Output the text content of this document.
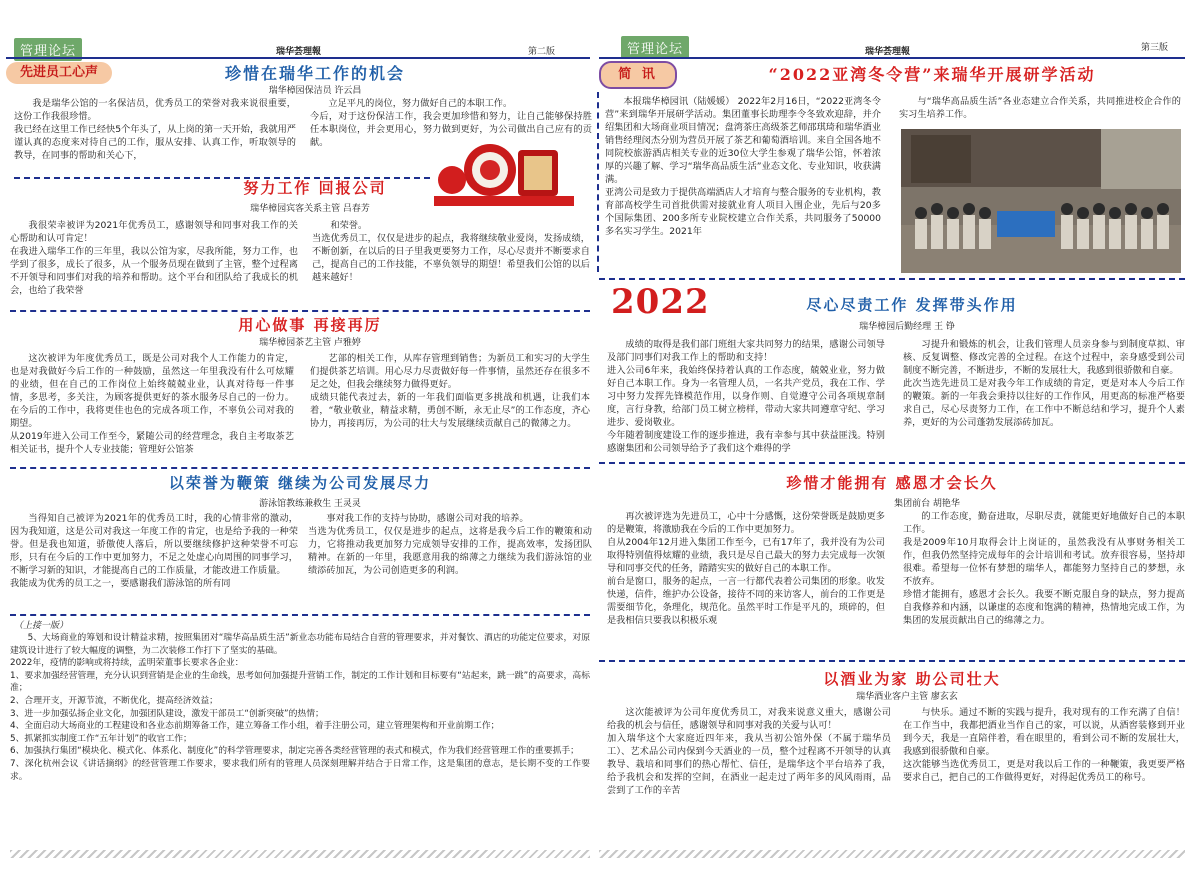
管理论坛	瑞华荟理報	第二版
先进员工心声	珍惜在瑞华工作的机会
瑞华樟园保洁员 许云昌
我是瑞华公馆的一名保洁员，优秀员工的荣誉对我来说很重要，这份工作我很珍惜。
我已经在这里工作已经快5个年头了，从上岗的第一天开始，我就用严谨认真的态度来对待自己的工作，服从安排、认真工作，听取领导的教导，在同事的帮助和关心下，
立足平凡的岗位，努力做好自己的本职工作。
今后，对于这份保洁工作，我会更加珍惜和努力，让自己能够保持胜任本职岗位，并会更用心，努力做到更好，为公司做出自己应有的贡献。
努力工作 回报公司
瑞华樟园宾客关系主管 吕春芳
我很荣幸被评为2021年优秀员工，感谢领导和同事对我工作的关心帮助和认可肯定！
在我进入瑞华工作的三年里，我以公馆为家，尽我所能，努力工作，也学到了很多，成长了很多，从一个服务员现在做到了主管，整个过程离不开领导和同事们对我的培养和帮助。这个平台和团队给了我成长的机会，也给了我荣誉
和荣誉。
当选优秀员工，仅仅是进步的起点，我将继续敬业爱岗，发扬成绩，不断创新，在以后的日子里我更要努力工作，尽心尽责并不断要求自己，提高自己的工作技能，不辜负领导的期望！希望我们公馆的以后越来越好！
用心做事 再接再厉
瑞华樟园茶艺主管 卢雅婷
这次被评为年度优秀员工，既是公司对我个人工作能力的肯定，也是对我做好今后工作的一种鼓励，虽然这一年里我没有什么可炫耀的业绩，但在自己的工作岗位上始终兢兢业业，认真对待每一件事情，多思考，多关注，为顾客提供更好的茶水服务尽自己的一份力。在今后的工作中，我将更佳也色的完成各项工作，不辜负公司对我的期望。
从2019年进入公司工作至今，紧随公司的经营理念，我自主考取茶艺相关证书，提升个人专业技能；管理好公馆茶
艺部的相关工作，从库存管理到销售；为新员工和实习的大学生们提供茶艺培训。用心尽力尽责做好每一件事情，虽然还存在很多不足之处，但我会继续努力做得更好。
成绩只能代表过去，新的一年我们面临更多挑战和机遇，让我们本着，“敬业敬业，精益求精，勇创不断，永无止尽”的工作态度，齐心协力，再接再厉，为公司的壮大与发展继续贡献自己的微薄之力。
以荣誉为鞭策 继续为公司发展尽力
游泳馆教练兼救生 王灵灵
当得知自己被评为2021年的优秀员工时，我的心情非常的激动，因为我知道，这是公司对我这一年度工作的肯定，也是给予我的一种荣誉。但是我也知道，骄傲使人落后，所以要继续修护这种荣誉不可忘形，只有在今后的工作中更加努力，不足之处虚心向周围的同事学习，不断学习新的知识，才能提高自己的工作质量，才能改进工作质量。
我能成为优秀的员工之一，要感谢我们游泳馆的所有同
事对我工作的支持与协助，感谢公司对我的培养。
当选为优秀员工，仅仅是进步的起点，这将是我今后工作的鞭策和动力，它将推动我更加努力完成领导安排的工作，提高效率，发扬团队精神。在新的一年里，我愿意用我的绵薄之力继续为我们游泳馆的业绩添砖加瓦，为公司创造更多的利润。
（上接一版）
5、大场商业的筹划和设计精益求精，按照集团对“瑞华高品质生活”新业态功能布局结合自营的管理要求，并对餐饮、酒店的功能定位要求，对原建筑设计进行了较大幅度的调整，为二次装修工作打下了坚实的基础。
2022年，疫情的影响或将持续，孟明荣董事长要求各企业：
1、要求加强经营管理，充分认识到营销是企业的生命线，思考如何加强提升营销工作，制定的工作计划和目标要有“站起来，跳一跳”的高要求，高标准；
2、合理开支，开源节流，不断优化，提高经济效益；
3、进一步加强弘扬企业文化，加强团队建设，激发干部员工“创新突破”的热情；
4、全面启动大场商业的工程建设和各业态前期筹备工作，建立筹备工作小组，着手注册公司，建立管理架构和开业前期工作；
5、抓紧抓实制度工作“五年计划”的收官工作；
6、加强执行集团“模块化、模式化、体系化、制度化”的科学管理要求，制定完善各类经营管理的表式和模式，作为我们经营管理工作的重要抓手；
7、深化杭州会议《讲话摘纲》的经营管理工作要求，要求我们所有的管理人员深刻理解并结合于日常工作，这是集团的意志，是长期不变的工作要求。
管理论坛	瑞华荟理報	第三版
简 讯	“2022亚湾冬令营”来瑞华开展研学活动
本报瑞华樟园讯（陆媛媛） 2022年2月16日，“2022亚湾冬令营”来到瑞华开展研学活动。集团董事长助理李令冬致欢迎辞，并介绍集团和大场商业项目情况；盘湾茶庄高级茶艺师邵琪琦和瑞华酒业销售经理闵杰分别为营员开展了茶艺和葡萄酒培训。来自全国各地不同院校旅游酒店相关专业的近30位大学生参观了瑞华公馆，怀着浓厚的兴趣了解、学习“瑞华高品质生活”业态文化、专业知识，收获满满。
亚湾公司是致力于提供高端酒店人才培育与整合服务的专业机构，教育部高校学生司首批供需对接就业育人项目入围企业，先后与20多个国际集团、200多所专业院校建立合作关系，共同服务了50000多名实习学生。2021年
与“瑞华高品质生活”各业态建立合作关系，共同推进校企合作的实习生培养工作。
2022	尽心尽责工作 发挥带头作用
瑞华樟园后勤经理 王 铮
成绩的取得是我们部门班组大家共同努力的结果，感谢公司领导及部门同事们对我工作上的帮助和支持！
进入公司6年来，我始终保持着认真的工作态度，兢兢业业，努力做好自己本职工作。身为一名管理人员，一名共产党员，我在工作、学习中努力发挥先锋模范作用，以身作则、自觉遵守公司各项规章制度，言行身教，给部门员工树立榜样，带动大家共同遵章守纪、学习进步、爱岗敬业。
今年随着制度建设工作的逐步推进，我有幸参与其中获益匪浅。特别感谢集团和公司领导给予了我们这个难得的学
习提升和锻炼的机会，让我们管理人员亲身参与到制度草拟、审核、反复调整、修改完善的全过程。在这个过程中，亲身感受到公司制度不断完善，不断进步，不断的发展壮大，我感到很骄傲和自豪。
此次当选先进员工是对我今年工作成绩的肯定，更是对本人今后工作的鞭策。新的一年我会秉持以往好的工作作风，用更高的标准严格要求自己，尽心尽责努力工作，在工作中不断总结和学习，提升个人素养，更好的为公司蓬勃发展添砖加瓦。
珍惜才能拥有 感恩才会长久
集团前台 胡艳华
再次被评选为先进员工，心中十分感慨，这份荣誉既是鼓励更多的是鞭策，将激励我在今后的工作中更加努力。
自从2004年12月进入集团工作至今，已有17年了，我并没有为公司取得特别值得炫耀的业绩，我只是尽自己最大的努力去完成每一次领导和同事交代的任务，踏踏实实的做好自己的本职工作。
前台是窗口，服务的起点，一言一行都代表着公司集团的形象。收发快递，信件，维护办公设备，接待不同的来访客人，前台的工作更是需要细节化，条理化，规范化。虽然平时工作是平凡的，琐碎的，但是我相信只要我以积极乐观
的工作态度，勤奋进取，尽职尽责，就能更好地做好自己的本职工作。
我是2009年10月取得会计上岗证的，虽然我没有从事财务相关工作，但我仍然坚持完成每年的会计培训和考试。放弃很容易，坚持却很难。希望每一位怀有梦想的瑞华人，都能努力坚持自己的梦想，永不放弃。
珍惜才能拥有，感恩才会长久。我要不断克服自身的缺点，努力提高自我修养和内涵，以谦虚的态度和饱满的精神，热情地完成工作，为集团的发展贡献出自己的绵薄之力。
以酒业为家 助公司壮大
瑞华酒业客户主管 廖玄玄
这次能被评为公司年度优秀员工，对我来说意义重大，感谢公司给我的机会与信任，感谢领导和同事对我的关爱与认可！
加入瑞华这个大家庭近四年来，我从当初公馆外保（不属于瑞华员工）、艺术品公司内保到今天酒业的一员，整个过程离不开领导的认真教导、栽培和同事们的热心帮忙、信任，是瑞华这个平台培养了我，给予我机会和发挥的空间，在酒业一起走过了两年多的风风雨雨，品尝到了工作的辛苦
与快乐。通过不断的实践与提升，我对现有的工作充满了自信！在工作当中，我都把酒业当作自己的家，可以说，从酒窖装修到开业到今天，我是一直陪伴着，看在眼里的，看到公司不断的发展壮大，我感到很骄傲和自豪。
这次能够当选优秀员工，更是对我以后工作的一种鞭策，我更要严格要求自己，把自己的工作做得更好，对得起优秀员工的称号。
